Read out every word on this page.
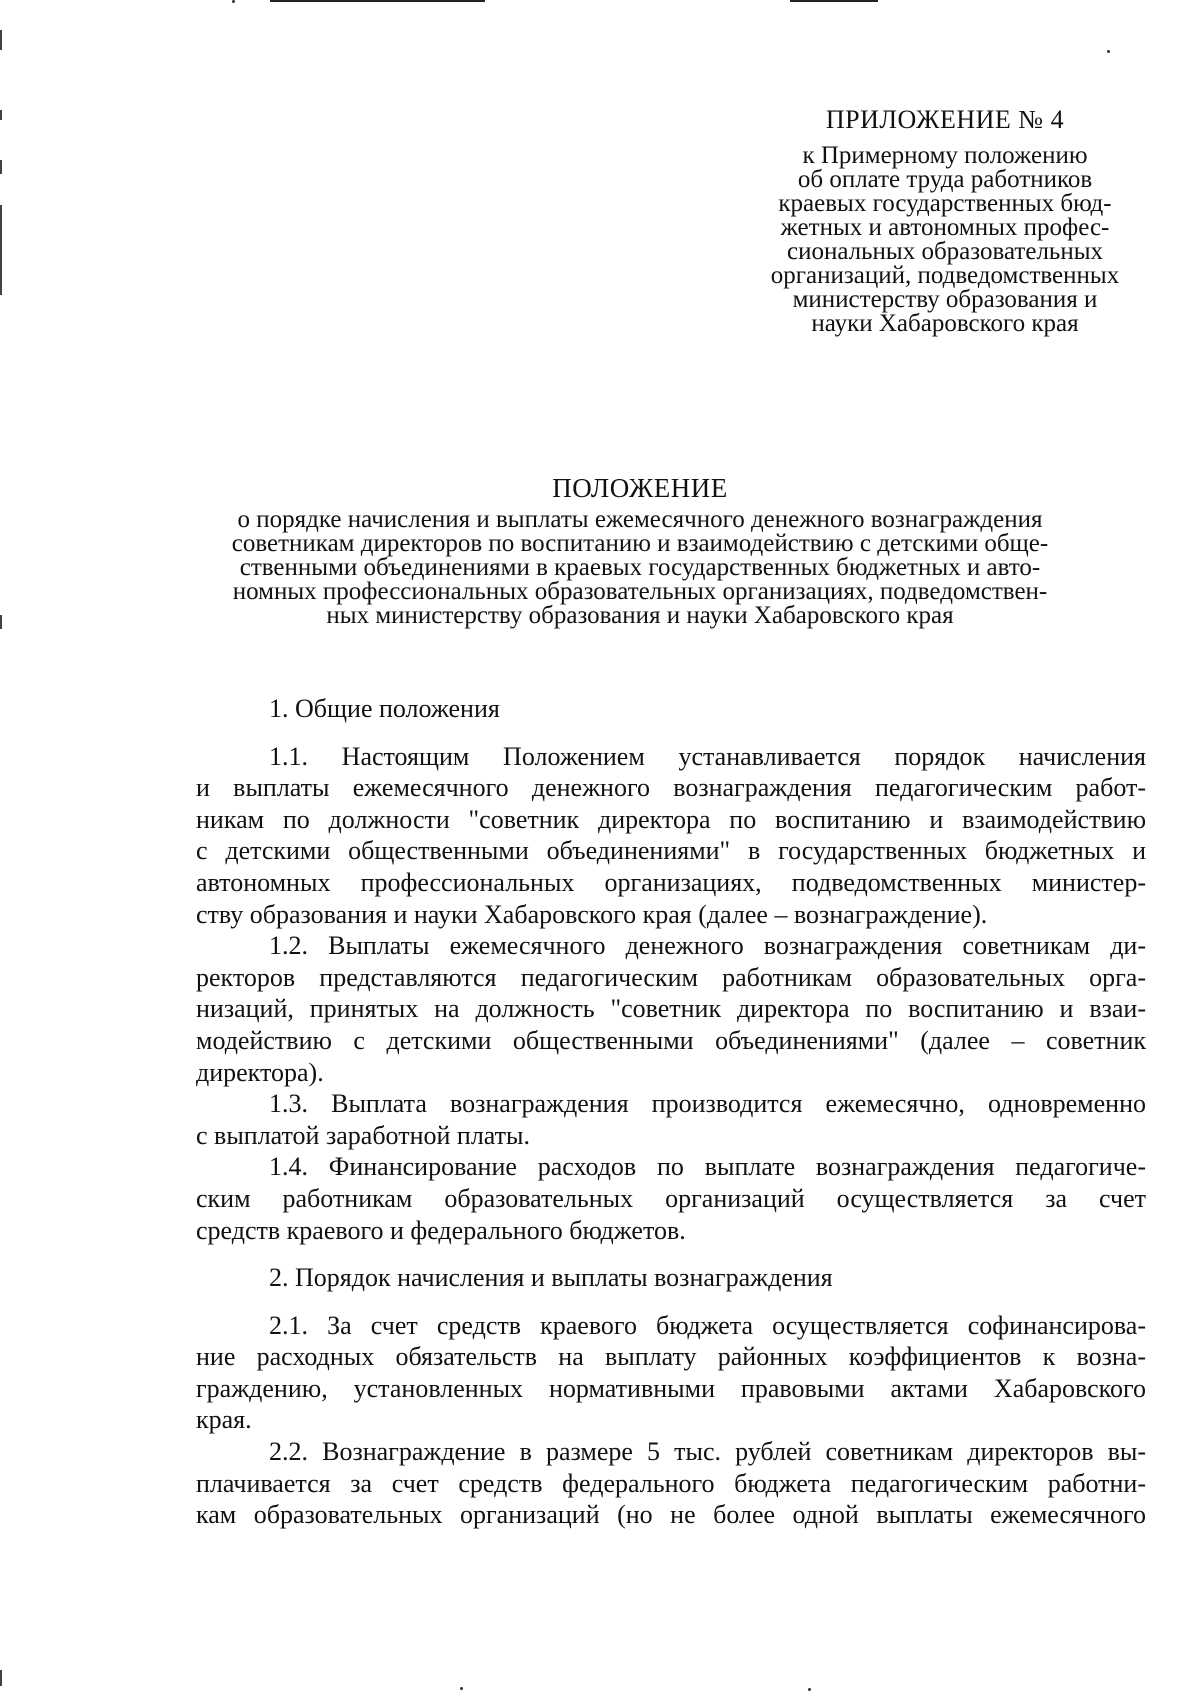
ПРИЛОЖЕНИЕ № 4
к Примерному положению
об оплате труда работников
краевых государственных бюд-
жетных и автономных профес-
сиональных образовательных
организаций, подведомственных
министерству образования и
науки Хабаровского края
ПОЛОЖЕНИЕ
о порядке начисления и выплаты ежемесячного денежного вознаграждения
советникам директоров по воспитанию и взаимодействию с детскими обще-
ственными объединениями в краевых государственных бюджетных и авто-
номных профессиональных образовательных организациях, подведомствен-
ных министерству образования и науки Хабаровского края
1. Общие положения
1.1. Настоящим Положением устанавливается порядок начисления
и выплаты ежемесячного денежного вознаграждения педагогическим работ-
никам по должности "советник директора по воспитанию и взаимодействию
с детскими общественными объединениями" в государственных бюджетных и
автономных профессиональных организациях, подведомственных министер-
ству образования и науки Хабаровского края (далее – вознаграждение).
1.2. Выплаты ежемесячного денежного вознаграждения советникам ди-
ректоров представляются педагогическим работникам образовательных орга-
низаций, принятых на должность "советник директора по воспитанию и взаи-
модействию с детскими общественными объединениями" (далее – советник
директора).
1.3. Выплата вознаграждения производится ежемесячно, одновременно
с выплатой заработной платы.
1.4. Финансирование расходов по выплате вознаграждения педагогиче-
ским работникам образовательных организаций осуществляется за счет
средств краевого и федерального бюджетов.
2. Порядок начисления и выплаты вознаграждения
2.1. За счет средств краевого бюджета осуществляется софинансирова-
ние расходных обязательств на выплату районных коэффициентов к возна-
граждению, установленных нормативными правовыми актами Хабаровского
края.
2.2. Вознаграждение в размере 5 тыс. рублей советникам директоров вы-
плачивается за счет средств федерального бюджета педагогическим работни-
кам образовательных организаций (но не более одной выплаты ежемесячного
